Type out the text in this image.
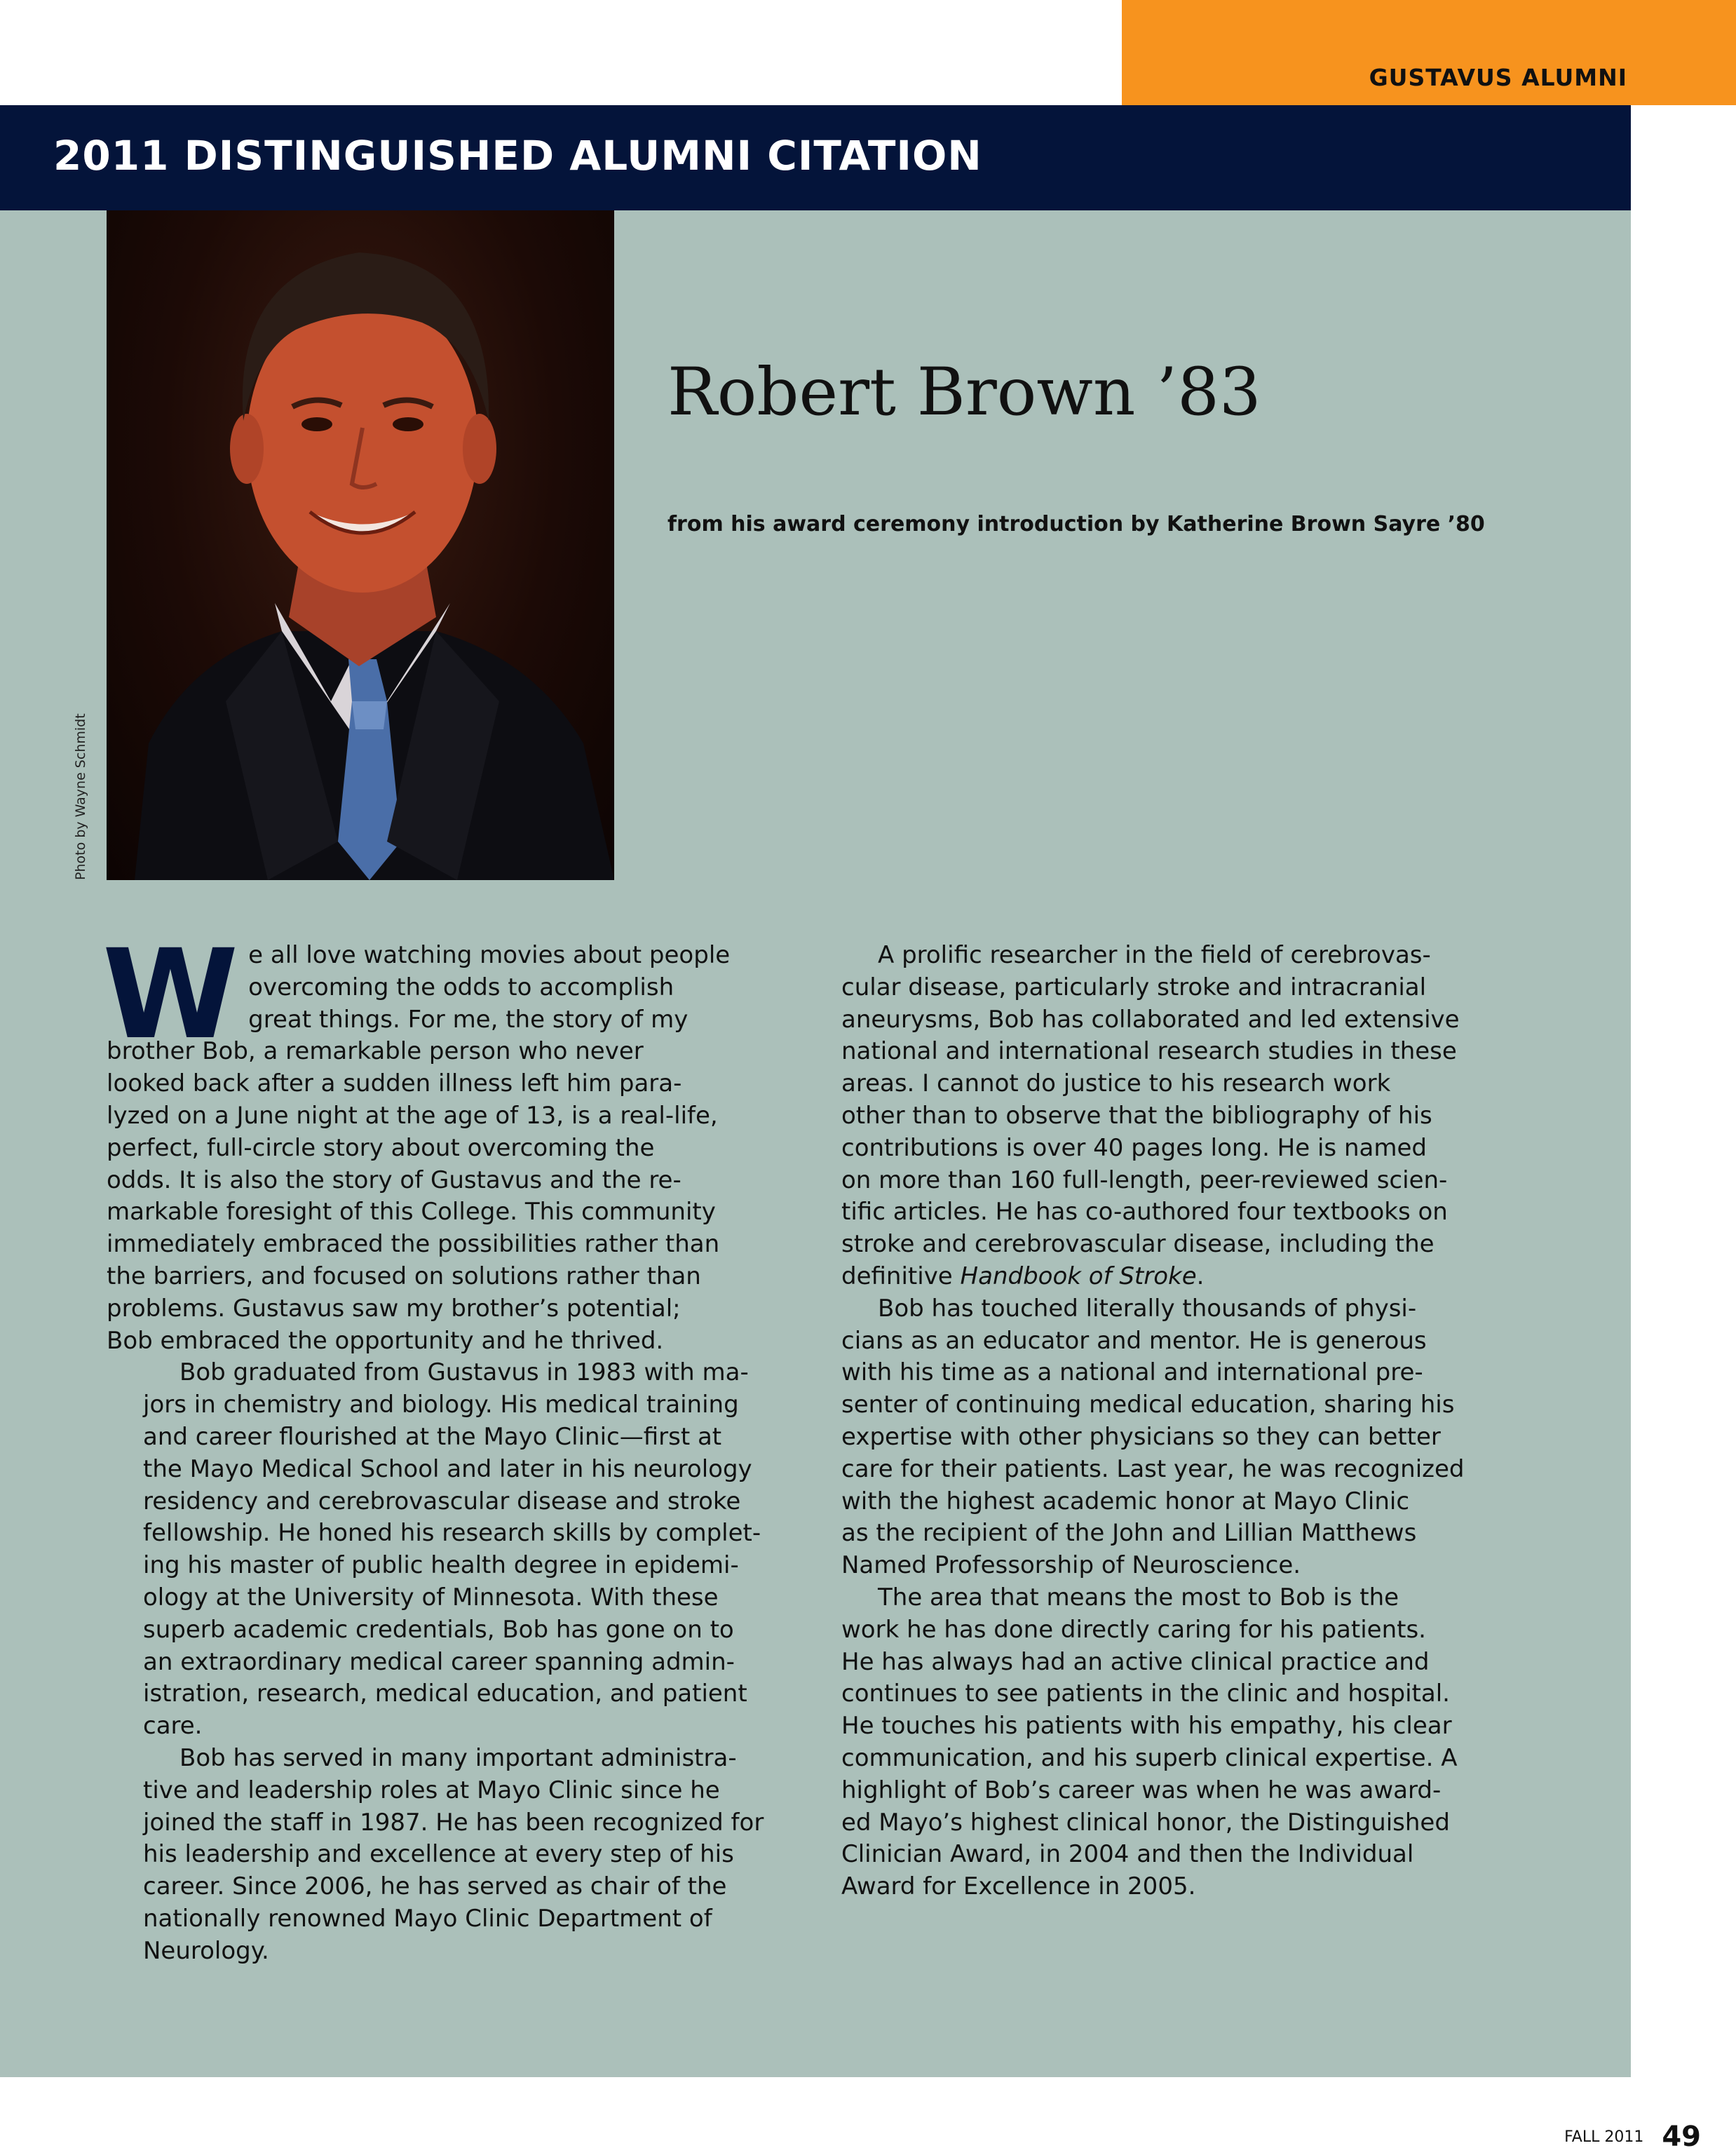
GUSTAVUS ALUMNI
2011 DISTINGUISHED ALUMNI CITATION
Photo by Wayne Schmidt
Robert Brown ’83
from his award ceremony introduction by Katherine Brown Sayre ’80

W e all love watching movies about people
overcoming the odds to accomplish
great things. For me, the story of my
brother Bob, a remarkable person who never
looked back after a sudden illness left him para-
lyzed on a June night at the age of 13, is a real-life,
perfect, full-circle story about overcoming the
odds. It is also the story of Gustavus and the re-
markable foresight of this College. This community
immediately embraced the possibilities rather than
the barriers, and focused on solutions rather than
problems. Gustavus saw my brother’s potential;
Bob embraced the opportunity and he thrived.

Bob graduated from Gustavus in 1983 with ma-
jors in chemistry and biology. His medical training
and career flourished at the Mayo Clinic—first at
the Mayo Medical School and later in his neurology
residency and cerebrovascular disease and stroke
fellowship. He honed his research skills by complet-
ing his master of public health degree in epidemi-
ology at the University of Minnesota. With these
superb academic credentials, Bob has gone on to
an extraordinary medical career spanning admin-
istration, research, medical education, and patient
care.

Bob has served in many important administra-
tive and leadership roles at Mayo Clinic since he
joined the staff in 1987. He has been recognized for
his leadership and excellence at every step of his
career. Since 2006, he has served as chair of the
nationally renowned Mayo Clinic Department of
Neurology.

A prolific researcher in the field of cerebrovas-
cular disease, particularly stroke and intracranial
aneurysms, Bob has collaborated and led extensive
national and international research studies in these
areas. I cannot do justice to his research work
other than to observe that the bibliography of his
contributions is over 40 pages long. He is named
on more than 160 full-length, peer-reviewed scien-
tific articles. He has co-authored four textbooks on
stroke and cerebrovascular disease, including the
definitive Handbook of Stroke.

Bob has touched literally thousands of physi-
cians as an educator and mentor. He is generous
with his time as a national and international pre-
senter of continuing medical education, sharing his
expertise with other physicians so they can better
care for their patients. Last year, he was recognized
with the highest academic honor at Mayo Clinic
as the recipient of the John and Lillian Matthews
Named Professorship of Neuroscience.

The area that means the most to Bob is the
work he has done directly caring for his patients.
He has always had an active clinical practice and
continues to see patients in the clinic and hospital.
He touches his patients with his empathy, his clear
communication, and his superb clinical expertise. A
highlight of Bob’s career was when he was award-
ed Mayo’s highest clinical honor, the Distinguished
Clinician Award, in 2004 and then the Individual
Award for Excellence in 2005.

FALL 2011 49
